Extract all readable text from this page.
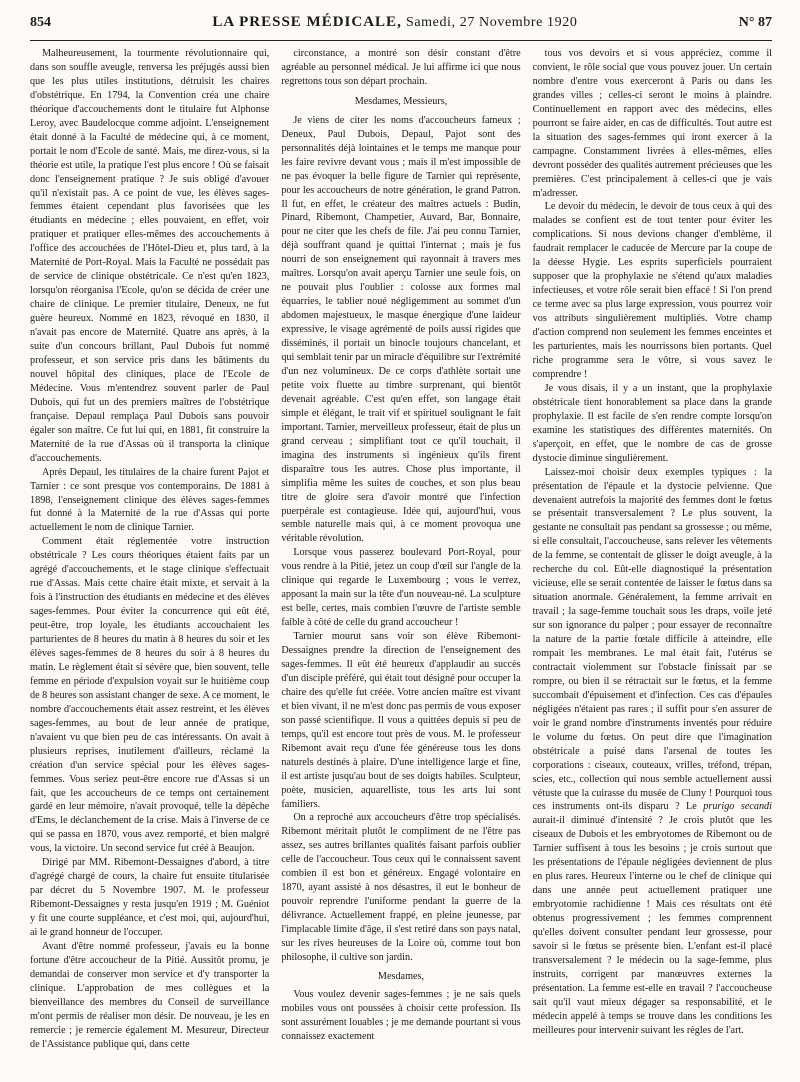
854	LA PRESSE MÉDICALE, Samedi, 27 Novembre 1920	N° 87

Malheureusement, la tourmente révolutionnaire qui, dans son souffle aveugle, renversa les préjugés aussi bien que les plus utiles institutions, détruisit les chaires d'obstétrique. En 1794, la Convention créa une chaire théorique d'accouchements dont le titulaire fut Alphonse Leroy, avec Baudelocque comme adjoint. L'enseignement était donné à la Faculté de médecine qui, à ce moment, portait le nom d'Ecole de santé. Mais, me direz-vous, si la théorie est utile, la pratique l'est plus encore ! Où se faisait donc l'enseignement pratique ? Je suis obligé d'avouer qu'il n'existait pas. A ce point de vue, les élèves sages-femmes étaient cependant plus favorisées que les étudiants en médecine ; elles pouvaient, en effet, voir pratiquer et pratiquer elles-mêmes des accouchements à l'office des accouchées de l'Hôtel-Dieu et, plus tard, à la Maternité de Port-Royal. Mais la Faculté ne possédait pas de service de clinique obstétricale. Ce n'est qu'en 1823, lorsqu'on réorganisa l'Ecole, qu'on se décida de créer une chaire de clinique. Le premier titulaire, Deneux, ne fut guère heureux. Nommé en 1823, révoqué en 1830, il n'avait pas encore de Maternité. Quatre ans après, à la suite d'un concours brillant, Paul Dubois fut nommé professeur, et son service pris dans les bâtiments du nouvel hôpital des cliniques, place de l'Ecole de Médecine. Vous m'entendrez souvent parler de Paul Dubois, qui fut un des premiers maîtres de l'obstétrique française. Depaul remplaça Paul Dubois sans pouvoir égaler son maître. Ce fut lui qui, en 1881, fit construire la Maternité de la rue d'Assas où il transporta la clinique d'accouchements.

Après Depaul, les titulaires de la chaire furent Pajot et Tarnier : ce sont presque vos contemporains. De 1881 à 1898, l'enseignement clinique des élèves sages-femmes fut donné à la Maternité de la rue d'Assas qui porte actuellement le nom de clinique Tarnier.

Comment était réglementée votre instruction obstétricale ? Les cours théoriques étaient faits par un agrégé d'accouchements, et le stage clinique s'effectuait rue d'Assas. Mais cette chaire était mixte, et servait à la fois à l'instruction des étudiants en médecine et des élèves sages-femmes. Pour éviter la concurrence qui eût été, peut-être, trop loyale, les étudiants accouchaient les parturientes de 8 heures du matin à 8 heures du soir et les élèves sages-femmes de 8 heures du soir à 8 heures du matin. Le règlement était si sévère que, bien souvent, telle femme en période d'expulsion voyait sur le huitième coup de 8 heures son assistant changer de sexe. A ce moment, le nombre d'accouchements était assez restreint, et les élèves sages-femmes, au bout de leur année de pratique, n'avaient vu que bien peu de cas intéressants. On avait à plusieurs reprises, inutilement d'ailleurs, réclamé la création d'un service spécial pour les élèves sages-femmes. Vous seriez peut-être encore rue d'Assas si un fait, que les accoucheurs de ce temps ont certainement gardé en leur mémoire, n'avait provoqué, telle la dépêche d'Ems, le déclanchement de la crise. Mais à l'inverse de ce qui se passa en 1870, vous avez remporté, et bien malgré vous, la victoire. Un second service fut créé à Beaujon.

Dirigé par MM. Ribemont-Dessaignes d'abord, à titre d'agrégé chargé de cours, la chaire fut ensuite titularisée par décret du 5 Novembre 1907. M. le professeur Ribemont-Dessaignes y resta jusqu'en 1919 ; M. Guéniot y fit une courte suppléance, et c'est moi, qui, aujourd'hui, ai le grand honneur de l'occuper.

Avant d'être nommé professeur, j'avais eu la bonne fortune d'être accoucheur de la Pitié. Aussitôt promu, je demandai de conserver mon service et d'y transporter la clinique. L'approbation de mes collègues et la bienveillance des membres du Conseil de surveillance m'ont permis de réaliser mon désir. De nouveau, je les en remercie ; je remercie également M. Mesureur, Directeur de l'Assistance publique qui, dans cette

circonstance, a montré son désir constant d'être agréable au personnel médical. Je lui affirme ici que nous regrettons tous son départ prochain.

Mesdames, Messieurs,

Je viens de citer les noms d'accoucheurs fameux ; Deneux, Paul Dubois, Depaul, Pajot sont des personnalités déjà lointaines et le temps me manque pour les faire revivre devant vous ; mais il m'est impossible de ne pas évoquer la belle figure de Tarnier qui représente, pour les accoucheurs de notre génération, le grand Patron. Il fut, en effet, le créateur des maîtres actuels : Budin, Pinard, Ribemont, Champetier, Auvard, Bar, Bonnaire, pour ne citer que les chefs de file. J'ai peu connu Tarnier, déjà souffrant quand je quittai l'internat ; mais je fus nourri de son enseignement qui rayonnait à travers mes maîtres. Lorsqu'on avait aperçu Tarnier une seule fois, on ne pouvait plus l'oublier : colosse aux formes mal équarries, le tablier noué négligemment au sommet d'un abdomen majestueux, le masque énergique d'une laideur expressive, le visage agrémenté de poils aussi rigides que disséminés, il portait un binocle toujours chancelant, et qui semblait tenir par un miracle d'équilibre sur l'extrémité d'un nez volumineux. De ce corps d'athlète sortait une petite voix fluette au timbre surprenant, qui bientôt devenait agréable. C'est qu'en effet, son langage était simple et élégant, le trait vif et spirituel soulignant le fait important. Tarnier, merveilleux professeur, était de plus un grand cerveau ; simplifiant tout ce qu'il touchait, il imagina des instruments si ingénieux qu'ils firent disparaître tous les autres. Chose plus importante, il simplifia même les suites de couches, et son plus beau titre de gloire sera d'avoir montré que l'infection puerpérale est contagieuse. Idée qui, aujourd'hui, vous semble naturelle mais qui, à ce moment provoqua une véritable révolution.

Lorsque vous passerez boulevard Port-Royal, pour vous rendre à la Pitié, jetez un coup d'œil sur l'angle de la clinique qui regarde le Luxembourg ; vous le verrez, apposant la main sur la tête d'un nouveau-né. La sculpture est belle, certes, mais combien l'œuvre de l'artiste semble faible à côté de celle du grand accoucheur !

Tarnier mourut sans voir son élève Ribemont-Dessaignes prendre la direction de l'enseignement des sages-femmes. Il eût été heureux d'applaudir au succès d'un disciple préféré, qui était tout désigné pour occuper la chaire des qu'elle fut créée. Votre ancien maître est vivant et bien vivant, il ne m'est donc pas permis de vous exposer son passé scientifique. Il vous a quittées depuis si peu de temps, qu'il est encore tout près de vous. M. le professeur Ribemont avait reçu d'une fée généreuse tous les dons naturels destinés à plaire. D'une intelligence large et fine, il est artiste jusqu'au bout de ses doigts habiles. Sculpteur, poète, musicien, aquarelliste, tous les arts lui sont familiers.

On a reproché aux accoucheurs d'être trop spécialisés. Ribemont méritait plutôt le compliment de ne l'être pas assez, ses autres brillantes qualités faisant parfois oublier celle de l'accoucheur. Tous ceux qui le connaissent savent combien il est bon et généreux. Engagé volontaire en 1870, ayant assisté à nos désastres, il eut le bonheur de pouvoir reprendre l'uniforme pendant la guerre de la délivrance. Actuellement frappé, en pleine jeunesse, par l'implacable limite d'âge, il s'est retiré dans son pays natal, sur les rives heureuses de la Loire où, comme tout bon philosophe, il cultive son jardin.

Mesdames,

Vous voulez devenir sages-femmes ; je ne sais quels mobiles vous ont poussées à choisir cette profession. Ils sont assurément louables ; je me demande pourtant si vous connaissez exactement

tous vos devoirs et si vous appréciez, comme il convient, le rôle social que vous pouvez jouer. Un certain nombre d'entre vous exerceront à Paris ou dans les grandes villes ; celles-ci seront le moins à plaindre. Continuellement en rapport avec des médecins, elles pourront se faire aider, en cas de difficultés. Tout autre est la situation des sages-femmes qui iront exercer à la campagne. Constamment livrées à elles-mêmes, elles devront posséder des qualités autrement précieuses que les premières. C'est principalement à celles-ci que je vais m'adresser.

Le devoir du médecin, le devoir de tous ceux à qui des malades se confient est de tout tenter pour éviter les complications. Si nous devions changer d'emblème, il faudrait remplacer le caducée de Mercure par la coupe de la déesse Hygie. Les esprits superficiels pourraient supposer que la prophylaxie ne s'étend qu'aux maladies infectieuses, et votre rôle serait bien effacé ! Si l'on prend ce terme avec sa plus large expression, vous pourrez voir vos attributs singulièrement multipliés. Votre champ d'action comprend non seulement les femmes enceintes et les parturientes, mais les nourrissons bien portants. Quel riche programme sera le vôtre, si vous savez le comprendre !

Je vous disais, il y a un instant, que la prophylaxie obstétricale tient honorablement sa place dans la grande prophylaxie. Il est facile de s'en rendre compte lorsqu'on examine les statistiques des différentes maternités. On s'aperçoit, en effet, que le nombre de cas de grosse dystocie diminue singulièrement.

Laissez-moi choisir deux exemples typiques : la présentation de l'épaule et la dystocie pelvienne. Que devenaient autrefois la majorité des femmes dont le fœtus se présentait transversalement ? Le plus souvent, la gestante ne consultait pas pendant sa grossesse ; ou même, si elle consultait, l'accoucheuse, sans relever les vêtements de la femme, se contentait de glisser le doigt aveugle, à la recherche du col. Eût-elle diagnostiqué la présentation vicieuse, elle se serait contentée de laisser le fœtus dans sa situation anormale. Généralement, la femme arrivait en travail ; la sage-femme touchait sous les draps, voile jeté sur son ignorance du palper ; pour essayer de reconnaître la nature de la partie fœtale difficile à atteindre, elle rompait les membranes. Le mal était fait, l'utérus se contractait violemment sur l'obstacle finissait par se rompre, ou bien il se rétractait sur le fœtus, et la femme succombait d'épuisement et d'infection. Ces cas d'épaules négligées n'étaient pas rares ; il suffit pour s'en assurer de voir le grand nombre d'instruments inventés pour réduire le volume du fœtus. On peut dire que l'imagination obstétricale a puisé dans l'arsenal de toutes les corporations : ciseaux, couteaux, vrilles, tréfond, trépan, scies, etc., collection qui nous semble actuellement aussi vétuste que la cuirasse du musée de Cluny ! Pourquoi tous ces instruments ont-ils disparu ? Le prurigo secandi aurait-il diminué d'intensité ? Je crois plutôt que les ciseaux de Dubois et les embryotomes de Ribemont ou de Tarnier suffisent à tous les besoins ; je crois surtout que les présentations de l'épaule négligées deviennent de plus en plus rares. Heureux l'interne ou le chef de clinique qui dans une année peut actuellement pratiquer une embryotomie rachidienne ! Mais ces résultats ont été obtenus progressivement ; les femmes comprennent qu'elles doivent consulter pendant leur grossesse, pour savoir si le fœtus se présente bien. L'enfant est-il placé transversalement ? le médecin ou la sage-femme, plus instruits, corrigent par manœuvres externes la présentation. La femme est-elle en travail ? l'accoucheuse sait qu'il vaut mieux dégager sa responsabilité, et le médecin appelé à temps se trouve dans les conditions les meilleures pour intervenir suivant les règles de l'art.
